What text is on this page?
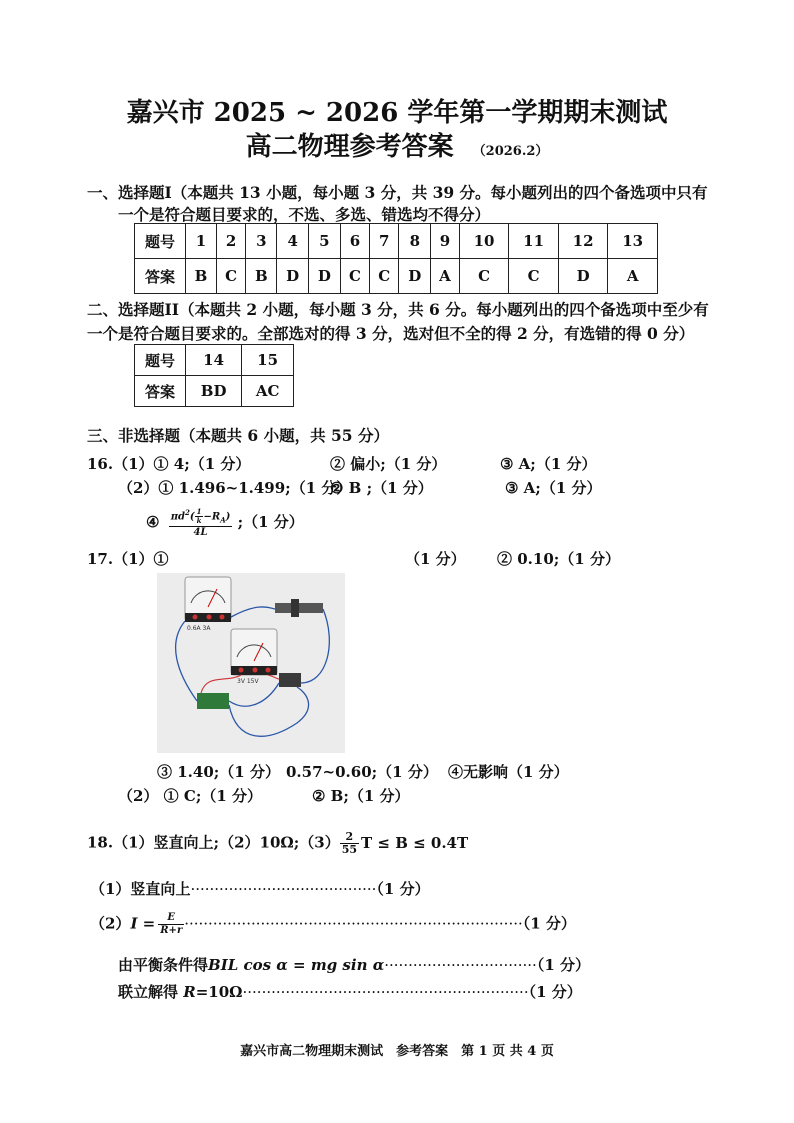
嘉兴市 2025 ~ 2026 学年第一学期期末测试
高二物理参考答案 （2026.2）
一、选择题I（本题共 13 小题，每小题 3 分，共 39 分。每小题列出的四个备选项中只有
一个是符合题目要求的，不选、多选、错选均不得分）
题号	1	2	3	4	5	6	7	8	9	10	11	12	13
答案	B	C	B	D	D	C	C	D	A	C	C	D	A
二、选择题II（本题共 2 小题，每小题 3 分，共 6 分。每小题列出的四个备选项中至少有
一个是符合题目要求的。全部选对的得 3 分，选对但不全的得 2 分，有选错的得 0 分）
题号	14	15
答案	BD	AC
三、非选择题（本题共 6 小题，共 55 分）
16.（1）① 4;（1 分）	② 偏小;（1 分）	③ A;（1 分）
（2）① 1.496~1.499;（1 分）
② B ;（1 分）	③ A;（1 分）
④ $\frac{\pi d^2( \frac{1}{k} -R_A)}{4L}$ ;（1 分）
17.（1）①	（1 分） ② 0.10;（1 分）
0.6A 3A
3V 15V
③ 1.40;（1 分） 0.57~0.60;（1 分） ④无影响（1 分）
（2） ① C;（1 分）	② B;（1 分）
18.（1）竖直向上;（2）10Ω;（3） $\frac{2}{55}$ T ≤ B ≤ 0.4T
（1）竖直向上·······································（1 分）
$(2)I = \frac{E}{R+r} \cdot\cdot\cdot\cdot\cdot\cdot\cdot\cdot\cdot\cdot\cdot\cdot\cdot\cdot\cdot\cdot\cdot\cdot\cdot\cdot\cdot\cdot\cdot\cdot\cdot\cdot\cdot\cdot\cdot\cdot\cdot\cdot\cdot\cdot\cdot\cdot\cdot\cdot\cdot\cdot\cdot\cdot\cdot\cdot\cdot\cdot\cdot\cdot\cdot\cdot\cdot\cdot\cdot\cdot\cdot\cdot\cdot\cdot\cdot\cdot\cdot\cdot\cdot\cdot\cdot\cdot\cdot\cdot\cdot\cdot\cdot(1$ 分）
由平衡条件得BIL cos α = mg sin α································（1 分）
联立解得 R=10Ω····························································（1 分）
嘉兴市高二物理期末测试　参考答案　第 1 页 共 4 页
